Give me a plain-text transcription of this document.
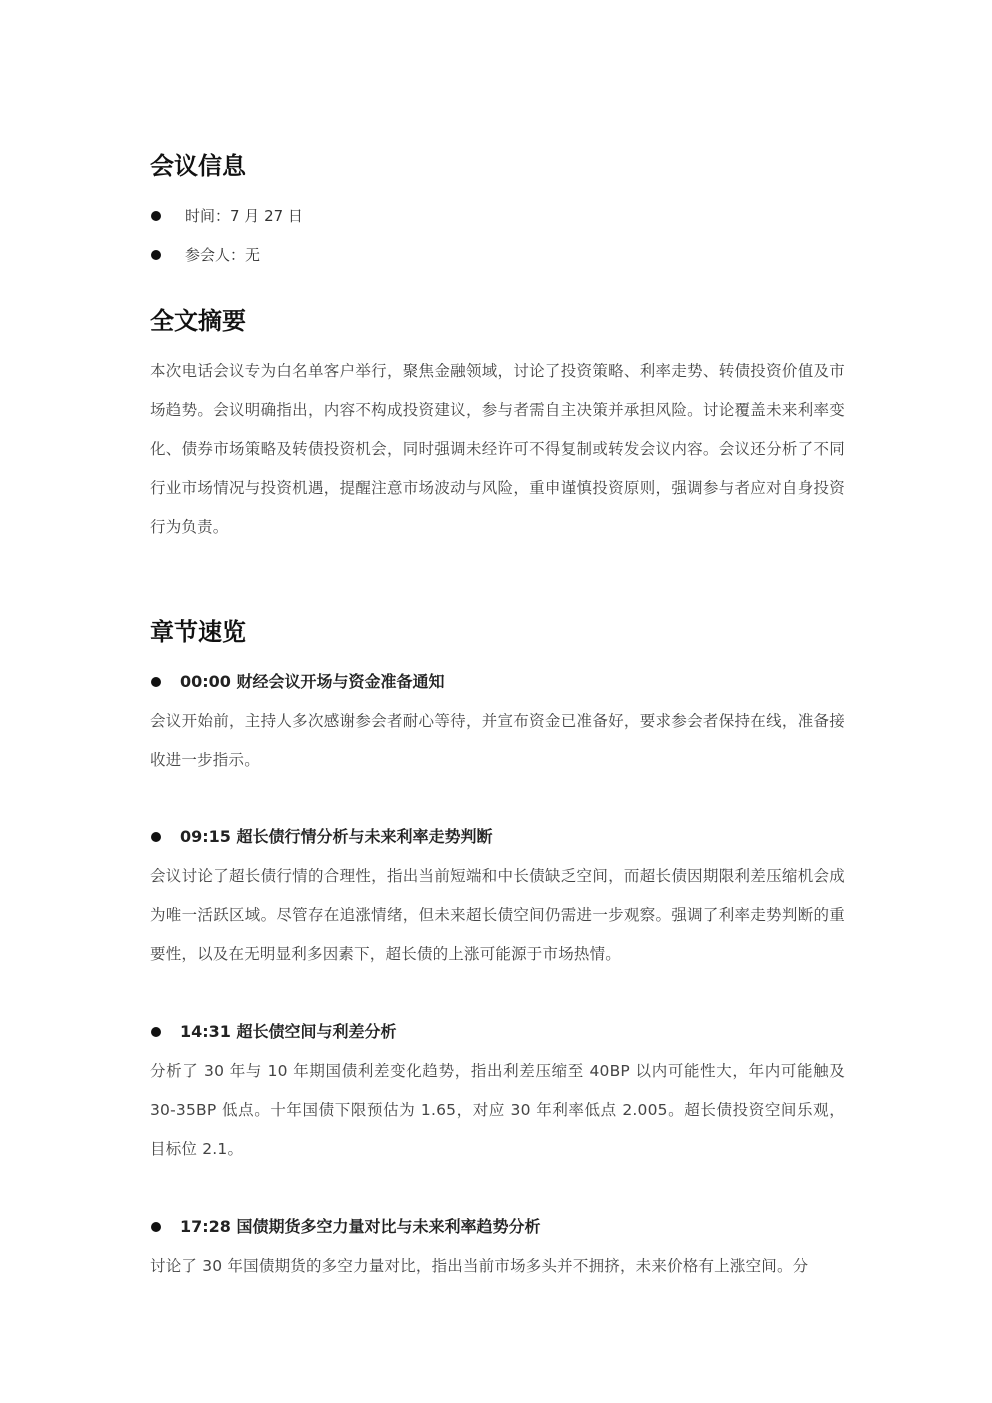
会议信息
时间：7 月 27 日
参会人：无
全文摘要
本次电话会议专为白名单客户举行，聚焦金融领域，讨论了投资策略、利率走势、转债投资价值及市场趋势。会议明确指出，内容不构成投资建议，参与者需自主决策并承担风险。讨论覆盖未来利率变化、债券市场策略及转债投资机会，同时强调未经许可不得复制或转发会议内容。会议还分析了不同行业市场情况与投资机遇，提醒注意市场波动与风险，重申谨慎投资原则，强调参与者应对自身投资行为负责。
章节速览
00:00 财经会议开场与资金准备通知
会议开始前，主持人多次感谢参会者耐心等待，并宣布资金已准备好，要求参会者保持在线，准备接收进一步指示。
09:15 超长债行情分析与未来利率走势判断
会议讨论了超长债行情的合理性，指出当前短端和中长债缺乏空间，而超长债因期限利差压缩机会成为唯一活跃区域。尽管存在追涨情绪，但未来超长债空间仍需进一步观察。强调了利率走势判断的重要性，以及在无明显利多因素下，超长债的上涨可能源于市场热情。
14:31 超长债空间与利差分析
分析了 30 年与 10 年期国债利差变化趋势，指出利差压缩至 40BP 以内可能性大，年内可能触及 30-35BP 低点。十年国债下限预估为 1.65，对应 30 年利率低点 2.005。超长债投资空间乐观，目标位 2.1。
17:28 国债期货多空力量对比与未来利率趋势分析
讨论了 30 年国债期货的多空力量对比，指出当前市场多头并不拥挤，未来价格有上涨空间。分
